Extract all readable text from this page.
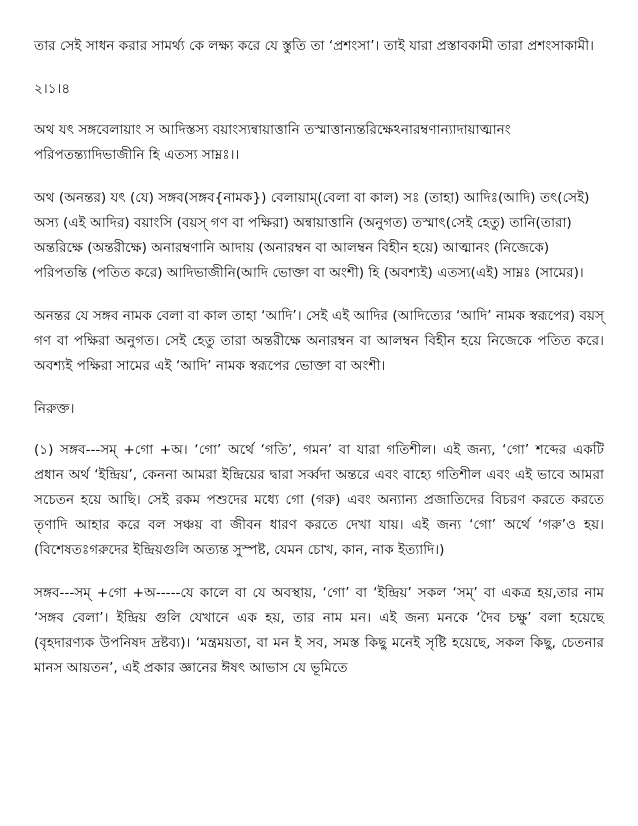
তার সেই সাধন করার সামর্থ্য কে লক্ষ্য করে যে স্তুতি তা ‘প্রশংসা’। তাই যারা প্রস্তাবকামী তারা প্রশংসাকামী।

২।১।৪

অথ যৎ সঙ্গবেলায়াং স আদিস্তস্য বয়াংস্যন্বায়াত্তানি তস্মাত্তান্যন্তরিক্ষেঽনারম্বণান্যাদায়াত্মানং পরিপতন্ত্যাদিভাজীনি হি এতস্য সাম্নঃ।।

অথ (অনন্তর) যৎ (যে) সঙ্গব(সঙ্গব{নামক}) বেলায়াম্(বেলা বা কাল) সঃ (তাহা) আদিঃ(আদি) তৎ(সেই) অস্য (এই আদির) বয়াংসি (বয়স্ গণ বা পক্ষিরা) অন্বায়াত্তানি (অনুগত) তস্মাৎ(সেই হেতু) তানি(তারা) অন্তরিক্ষে (অন্তরীক্ষে) অনারম্বণানি আদায় (অনারম্বন বা আলম্বন বিহীন হয়ে) আত্মানং (নিজেকে) পরিপতন্তি (পতিত করে) আদিভাজীনি(আদি ভোক্তা বা অংশী) হি (অবশ্যই) এতস্য(এই) সাম্নঃ (সামের)।

অনন্তর যে সঙ্গব নামক বেলা বা কাল তাহা ‘আদি’। সেই এই আদির (আদিত্যের ‘আদি’ নামক স্বরূপের) বয়স্ গণ বা পক্ষিরা অনুগত। সেই হেতু তারা অন্তরীক্ষে অনারম্বন বা আলম্বন বিহীন হয়ে নিজেকে পতিত করে। অবশ্যই পক্ষিরা সামের এই ‘আদি’ নামক স্বরূপের ভোক্তা বা অংশী।

নিরুক্ত।

(১) সঙ্গব---সম্ +গো +অ। ‘গো’ অর্থে ‘গতি’, গমন’ বা যারা গতিশীল। এই জন্য, ‘গো’ শব্দের একটি প্রধান অর্থ ‘ইন্দ্রিয়’, কেননা আমরা ইন্দ্রিয়ের দ্বারা সর্ব্বদা অন্তরে এবং বাহ্যে গতিশীল এবং এই ভাবে আমরা সচেতন হয়ে আছি। সেই রকম পশুদের মধ্যে গো (গরু) এবং অন্যান্য প্রজাতিদের বিচরণ করতে করতে তৃণাদি আহার করে বল সঞ্চয় বা জীবন ধারণ করতে দেখা যায়। এই জন্য ‘গো’ অর্থে ‘গরু’ও হয়। (বিশেষতঃগরুদের ইন্দ্রিয়গুলি অত্যন্ত সুস্পষ্ট, যেমন চোখ, কান, নাক ইত্যাদি।)

সঙ্গব---সম্ +গো +অ-----যে কালে বা যে অবস্থায়, ‘গো’ বা ‘ইন্দ্রিয়’ সকল ‘সম্’ বা একত্র হয়,তার নাম ‘সঙ্গব বেলা’। ইন্দ্রিয় গুলি যেখানে এক হয়, তার নাম মন। এই জন্য মনকে ‘দৈব চক্ষু’ বলা হয়েছে (বৃহদারণ্যক উপনিষদ দ্রষ্টব্য)। ‘মন্ত্রময়তা, বা মন ই সব, সমস্ত কিছু মনেই সৃষ্টি হয়েছে, সকল কিছু, চেতনার মানস আয়তন’, এই প্রকার জ্ঞানের ঈষৎ আভাস যে ভূমিতে
